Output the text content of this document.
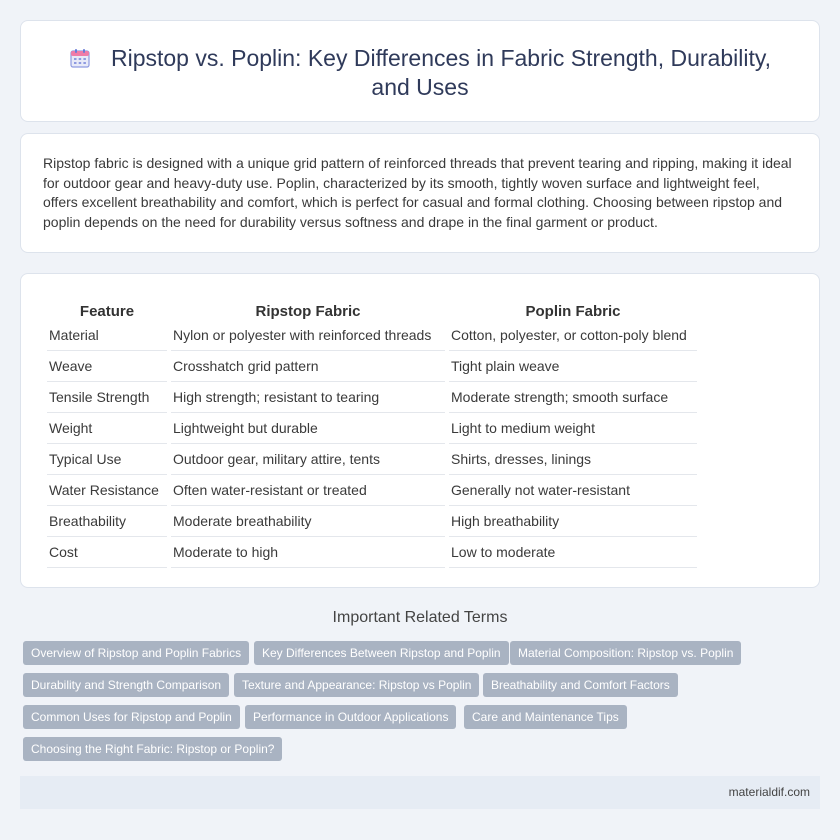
Ripstop vs. Poplin: Key Differences in Fabric Strength, Durability, and Uses

Ripstop fabric is designed with a unique grid pattern of reinforced threads that prevent tearing and ripping, making it ideal for outdoor gear and heavy-duty use. Poplin, characterized by its smooth, tightly woven surface and lightweight feel, offers excellent breathability and comfort, which is perfect for casual and formal clothing. Choosing between ripstop and poplin depends on the need for durability versus softness and drape in the final garment or product.

Feature	Ripstop Fabric	Poplin Fabric
Material	Nylon or polyester with reinforced threads	Cotton, polyester, or cotton-poly blend
Weave	Crosshatch grid pattern	Tight plain weave
Tensile Strength	High strength; resistant to tearing	Moderate strength; smooth surface
Weight	Lightweight but durable	Light to medium weight
Typical Use	Outdoor gear, military attire, tents	Shirts, dresses, linings
Water Resistance	Often water-resistant or treated	Generally not water-resistant
Breathability	Moderate breathability	High breathability
Cost	Moderate to high	Low to moderate
Important Related Terms
Overview of Ripstop and Poplin Fabrics	Key Differences Between Ripstop and Poplin	Material Composition: Ripstop vs. Poplin
Durability and Strength Comparison	Texture and Appearance: Ripstop vs Poplin	Breathability and Comfort Factors
Common Uses for Ripstop and Poplin	Performance in Outdoor Applications	Care and Maintenance Tips
Choosing the Right Fabric: Ripstop or Poplin?
materialdif.com
